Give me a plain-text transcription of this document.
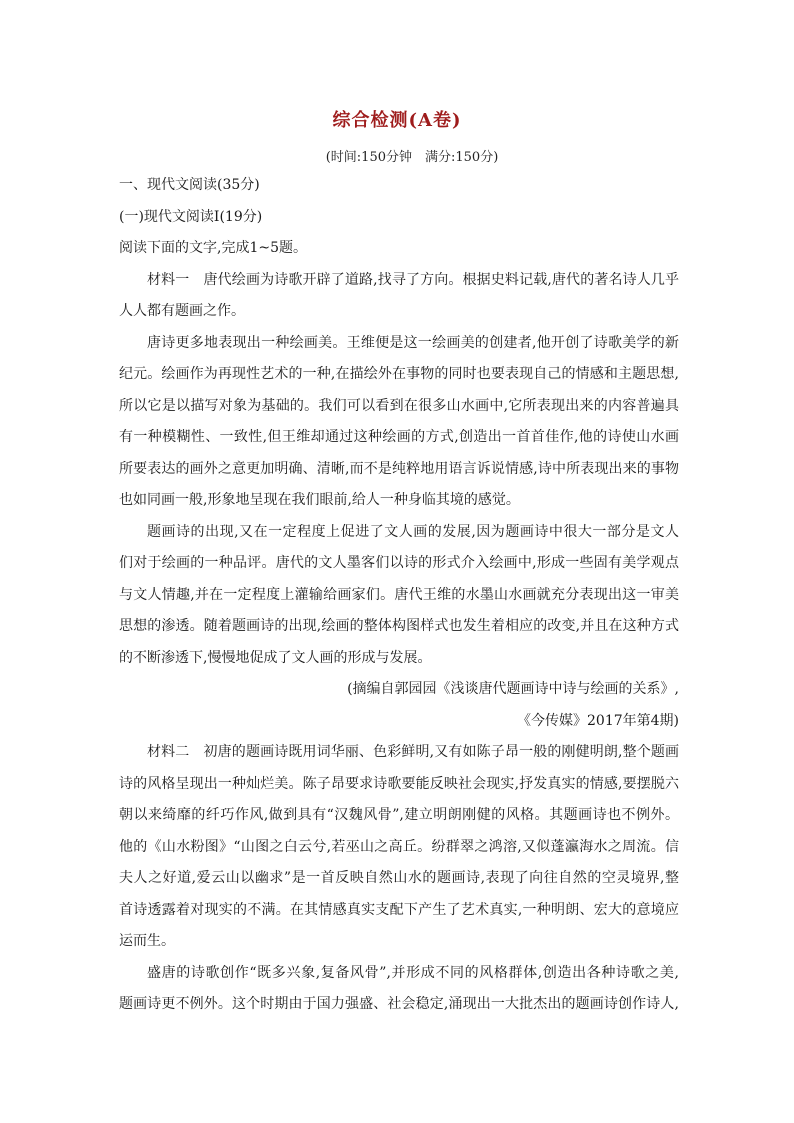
综合检测(A卷)
(时间:150分钟　满分:150分)
一、现代文阅读(35分)
(一)现代文阅读Ⅰ(19分)
阅读下面的文字,完成1~5题。
材料一　唐代绘画为诗歌开辟了道路,找寻了方向。根据史料记载,唐代的著名诗人几乎
人人都有题画之作。
唐诗更多地表现出一种绘画美。王维便是这一绘画美的创建者,他开创了诗歌美学的新
纪元。绘画作为再现性艺术的一种,在描绘外在事物的同时也要表现自己的情感和主题思想,
所以它是以描写对象为基础的。我们可以看到在很多山水画中,它所表现出来的内容普遍具
有一种模糊性、一致性,但王维却通过这种绘画的方式,创造出一首首佳作,他的诗使山水画
所要表达的画外之意更加明确、清晰,而不是纯粹地用语言诉说情感,诗中所表现出来的事物
也如同画一般,形象地呈现在我们眼前,给人一种身临其境的感觉。
题画诗的出现,又在一定程度上促进了文人画的发展,因为题画诗中很大一部分是文人
们对于绘画的一种品评。唐代的文人墨客们以诗的形式介入绘画中,形成一些固有美学观点
与文人情趣,并在一定程度上灌输给画家们。唐代王维的水墨山水画就充分表现出这一审美
思想的渗透。随着题画诗的出现,绘画的整体构图样式也发生着相应的改变,并且在这种方式
的不断渗透下,慢慢地促成了文人画的形成与发展。
(摘编自郭园园《浅谈唐代题画诗中诗与绘画的关系》,
《今传媒》2017年第4期)
材料二　初唐的题画诗既用词华丽、色彩鲜明,又有如陈子昂一般的刚健明朗,整个题画
诗的风格呈现出一种灿烂美。陈子昂要求诗歌要能反映社会现实,抒发真实的情感,要摆脱六
朝以来绮靡的纤巧作风,做到具有“汉魏风骨”,建立明朗刚健的风格。其题画诗也不例外。
他的《山水粉图》“山图之白云兮,若巫山之高丘。纷群翠之鸿溶,又似蓬瀛海水之周流。信
夫人之好道,爱云山以幽求”是一首反映自然山水的题画诗,表现了向往自然的空灵境界,整
首诗透露着对现实的不满。在其情感真实支配下产生了艺术真实,一种明朗、宏大的意境应
运而生。
盛唐的诗歌创作“既多兴象,复备风骨”,并形成不同的风格群体,创造出各种诗歌之美,
题画诗更不例外。这个时期由于国力强盛、社会稳定,涌现出一大批杰出的题画诗创作诗人,
